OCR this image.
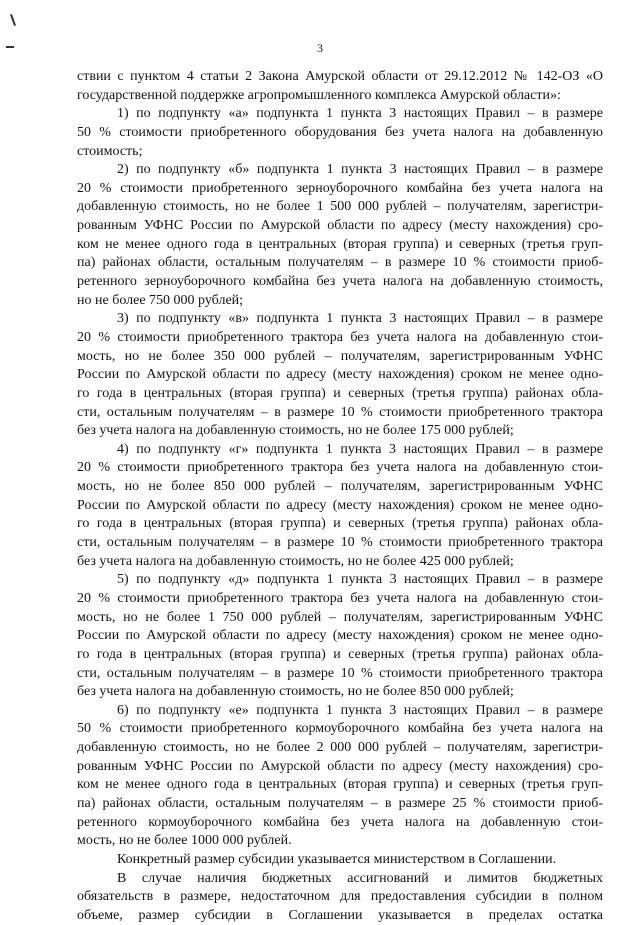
3
ствии с пунктом 4 статьи 2 Закона Амурской области от 29.12.2012 № 142-ОЗ «О
государственной поддержке агропромышленного комплекса Амурской области»:
1) по подпункту «а» подпункта 1 пункта 3 настоящих Правил – в размере
50 % стоимости приобретенного оборудования без учета налога на добавленную
стоимость;
2) по подпункту «б» подпункта 1 пункта 3 настоящих Правил – в размере
20 % стоимости приобретенного зерноуборочного комбайна без учета налога на
добавленную стоимость, но не более 1 500 000 рублей – получателям, зарегистри-
рованным УФНС России по Амурской области по адресу (месту нахождения) сро-
ком не менее одного года в центральных (вторая группа) и северных (третья груп-
па) районах области, остальным получателям – в размере 10 % стоимости приоб-
ретенного зерноуборочного комбайна без учета налога на добавленную стоимость,
но не более 750 000 рублей;
3) по подпункту «в» подпункта 1 пункта 3 настоящих Правил – в размере
20 % стоимости приобретенного трактора без учета налога на добавленную стои-
мость, но не более 350 000 рублей – получателям, зарегистрированным УФНС
России по Амурской области по адресу (месту нахождения) сроком не менее одно-
го года в центральных (вторая группа) и северных (третья группа) районах обла-
сти, остальным получателям – в размере 10 % стоимости приобретенного трактора
без учета налога на добавленную стоимость, но не более 175 000 рублей;
4) по подпункту «г» подпункта 1 пункта 3 настоящих Правил – в размере
20 % стоимости приобретенного трактора без учета налога на добавленную стои-
мость, но не более 850 000 рублей – получателям, зарегистрированным УФНС
России по Амурской области по адресу (месту нахождения) сроком не менее одно-
го года в центральных (вторая группа) и северных (третья группа) районах обла-
сти, остальным получателям – в размере 10 % стоимости приобретенного трактора
без учета налога на добавленную стоимость, но не более 425 000 рублей;
5) по подпункту «д» подпункта 1 пункта 3 настоящих Правил – в размере
20 % стоимости приобретенного трактора без учета налога на добавленную стои-
мость, но не более 1 750 000 рублей – получателям, зарегистрированным УФНС
России по Амурской области по адресу (месту нахождения) сроком не менее одно-
го года в центральных (вторая группа) и северных (третья группа) районах обла-
сти, остальным получателям – в размере 10 % стоимости приобретенного трактора
без учета налога на добавленную стоимость, но не более 850 000 рублей;
6) по подпункту «е» подпункта 1 пункта 3 настоящих Правил – в размере
50 % стоимости приобретенного кормоуборочного комбайна без учета налога на
добавленную стоимость, но не более 2 000 000 рублей – получателям, зарегистри-
рованным УФНС России по Амурской области по адресу (месту нахождения) сро-
ком не менее одного года в центральных (вторая группа) и северных (третья груп-
па) районах области, остальным получателям – в размере 25 % стоимости приоб-
ретенного кормоуборочного комбайна без учета налога на добавленную стои-
мость, но не более 1000 000 рублей.
Конкретный размер субсидии указывается министерством в Соглашении.
В случае наличия бюджетных ассигнований и лимитов бюджетных
обязательств в размере, недостаточном для предоставления субсидии в полном
объеме, размер субсидии в Соглашении указывается в пределах остатка
